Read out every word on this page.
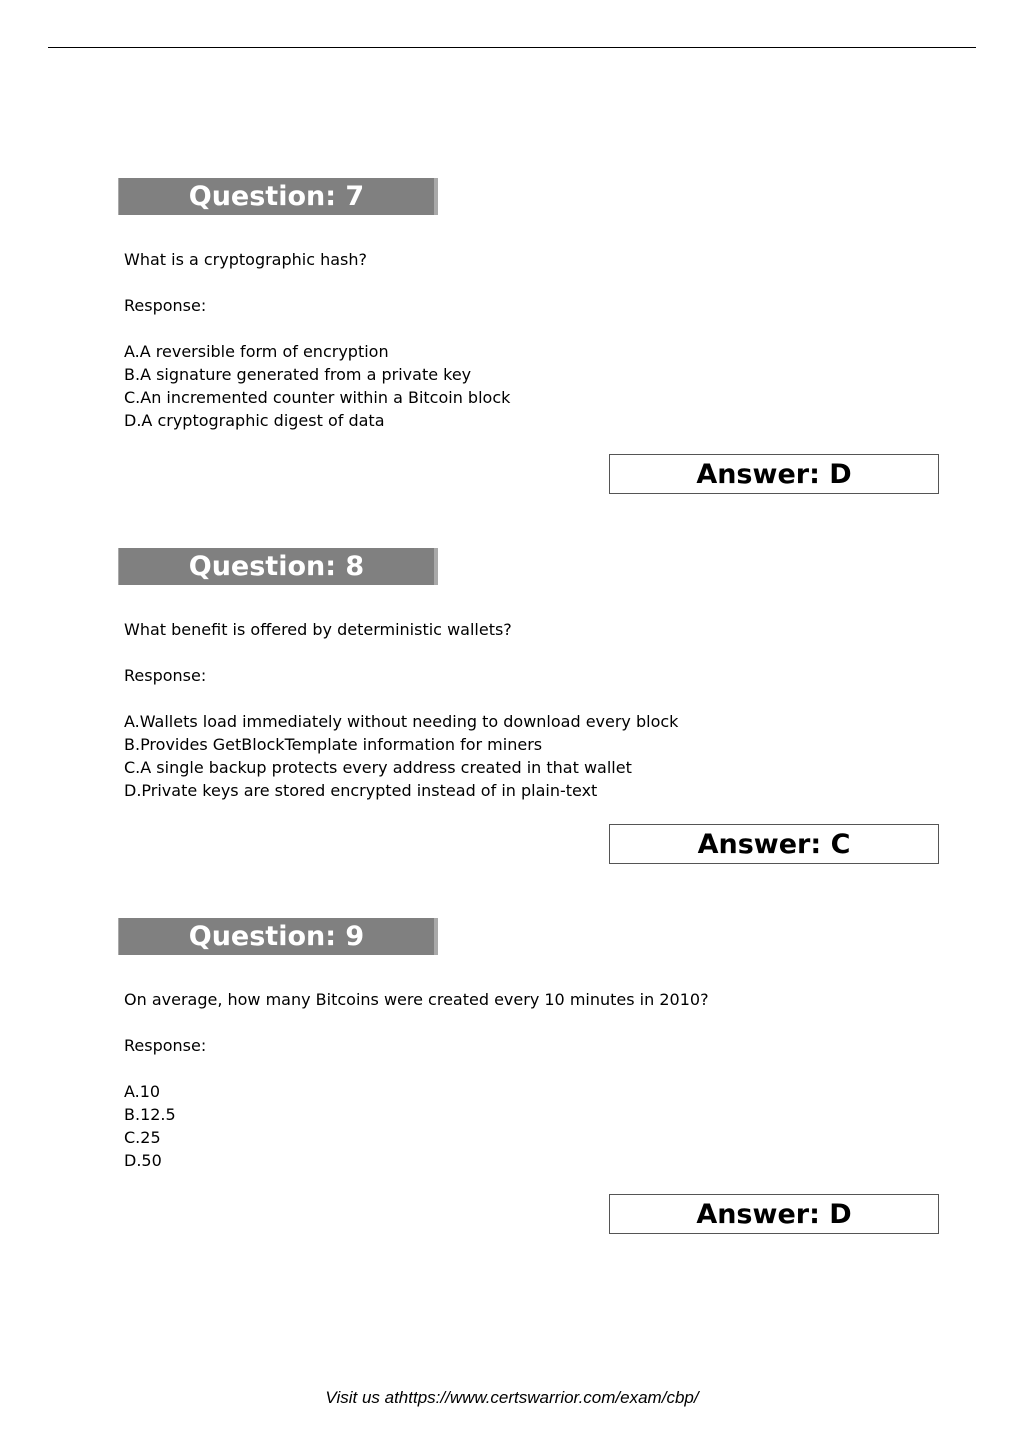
Question: 7
What is a cryptographic hash?
Response:
A.A reversible form of encryption
B.A signature generated from a private key
C.An incremented counter within a Bitcoin block
D.A cryptographic digest of data
Answer: D
Question: 8
What benefit is offered by deterministic wallets?
Response:
A.Wallets load immediately without needing to download every block
B.Provides GetBlockTemplate information for miners
C.A single backup protects every address created in that wallet
D.Private keys are stored encrypted instead of in plain-text
Answer: C
Question: 9
On average, how many Bitcoins were created every 10 minutes in 2010?
Response:
A.10
B.12.5
C.25
D.50
Answer: D
Visit us athttps://www.certswarrior.com/exam/cbp/
